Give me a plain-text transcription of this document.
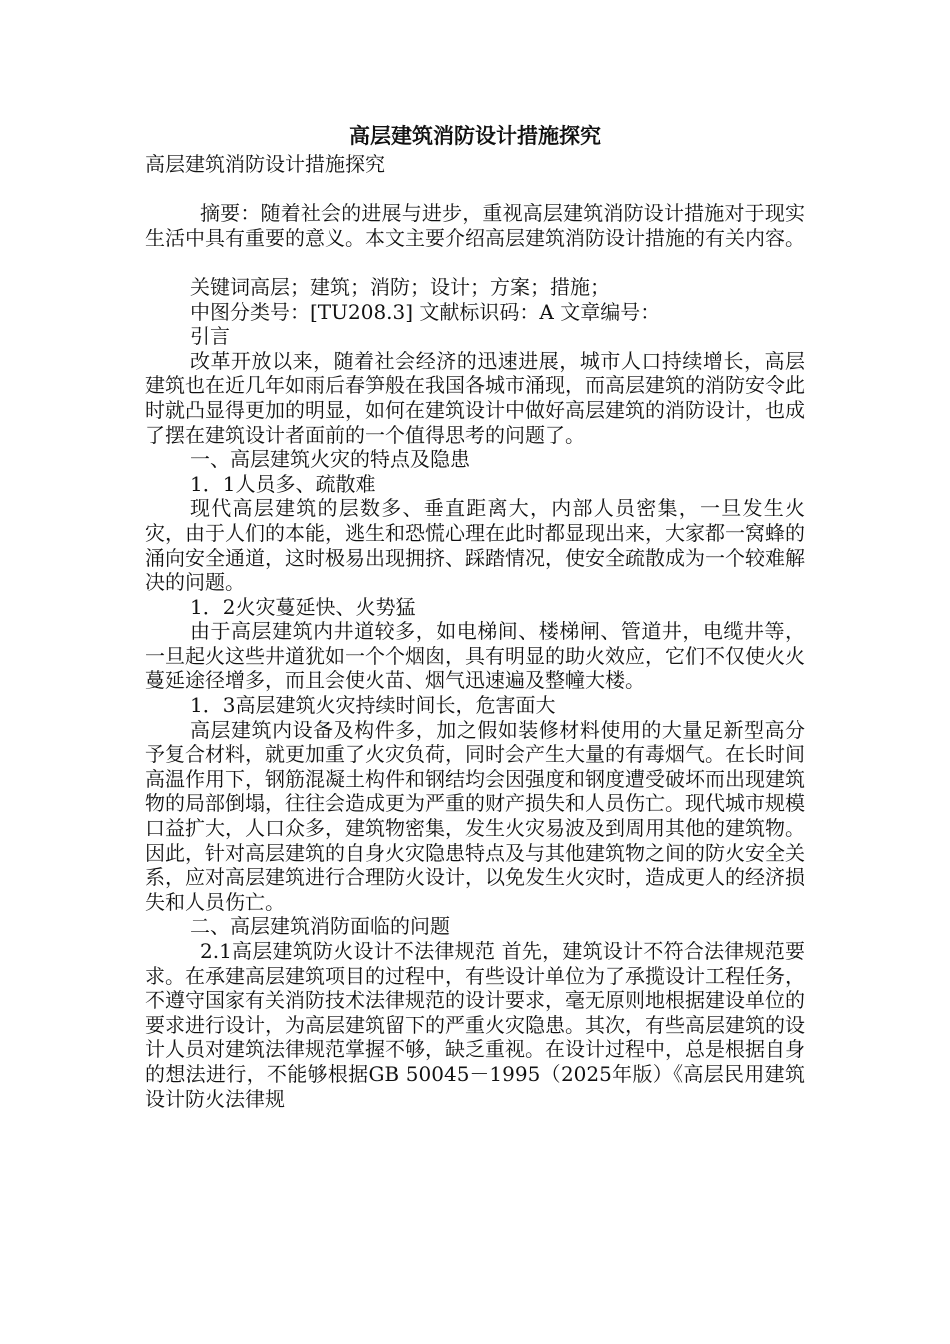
高层建筑消防设计措施探究

高层建筑消防设计措施探究

摘要：随着社会的进展与进步，重视高层建筑消防设计措施对于现实生活中具有重要的意义。本文主要介绍高层建筑消防设计措施的有关内容。

关键词高层；建筑；消防；设计；方案；措施；

中图分类号：[TU208.3] 文献标识码：A 文章编号：

引言

改革开放以来，随着社会经济的迅速进展，城市人口持续增长，高层建筑也在近几年如雨后春笋般在我国各城市涌现，而高层建筑的消防安令此时就凸显得更加的明显，如何在建筑设计中做好高层建筑的消防设计，也成了摆在建筑设计者面前的一个值得思考的问题了。

一、高层建筑火灾的特点及隐患

1．1人员多、疏散难

现代高层建筑的层数多、垂直距离大，内部人员密集，一旦发生火灾，由于人们的本能，逃生和恐慌心理在此时都显现出来，大家都一窝蜂的涌向安全通道，这时极易出现拥挤、踩踏情况，使安全疏散成为一个较难解决的问题。

1．2火灾蔓延快、火势猛

由于高层建筑内井道较多，如电梯间、楼梯闸、管道井，电缆井等，一旦起火这些井道犹如一个个烟囱，具有明显的助火效应，它们不仅使火火蔓延途径增多，而且会使火苗、烟气迅速遍及整幢大楼。

1．3高层建筑火灾持续时间长，危害面大

高层建筑内设备及构件多，加之假如装修材料使用的大量足新型高分予复合材料，就更加重了火灾负荷，同时会产生大量的有毒烟气。在长时间高温作用下，钢筋混凝土构件和钢结均会因强度和钢度遭受破坏而出现建筑物的局部倒塌，往往会造成更为严重的财产损失和人员伤亡。现代城市规模口益扩大，人口众多，建筑物密集，发生火灾易波及到周用其他的建筑物。因此，针对高层建筑的自身火灾隐患特点及与其他建筑物之间的防火安全关系，应对高层建筑进行合理防火设计，以免发生火灾时，造成更人的经济损失和人员伤亡。

二、高层建筑消防面临的问题

2.1高层建筑防火设计不法律规范 首先，建筑设计不符合法律规范要求。在承建高层建筑项目的过程中，有些设计单位为了承揽设计工程任务，不遵守国家有关消防技术法律规范的设计要求，毫无原则地根据建设单位的要求进行设计，为高层建筑留下的严重火灾隐患。其次，有些高层建筑的设计人员对建筑法律规范掌握不够，缺乏重视。在设计过程中，总是根据自身的想法进行，不能够根据GB 50045－1995（2025年版）《高层民用建筑设计防火法律规
